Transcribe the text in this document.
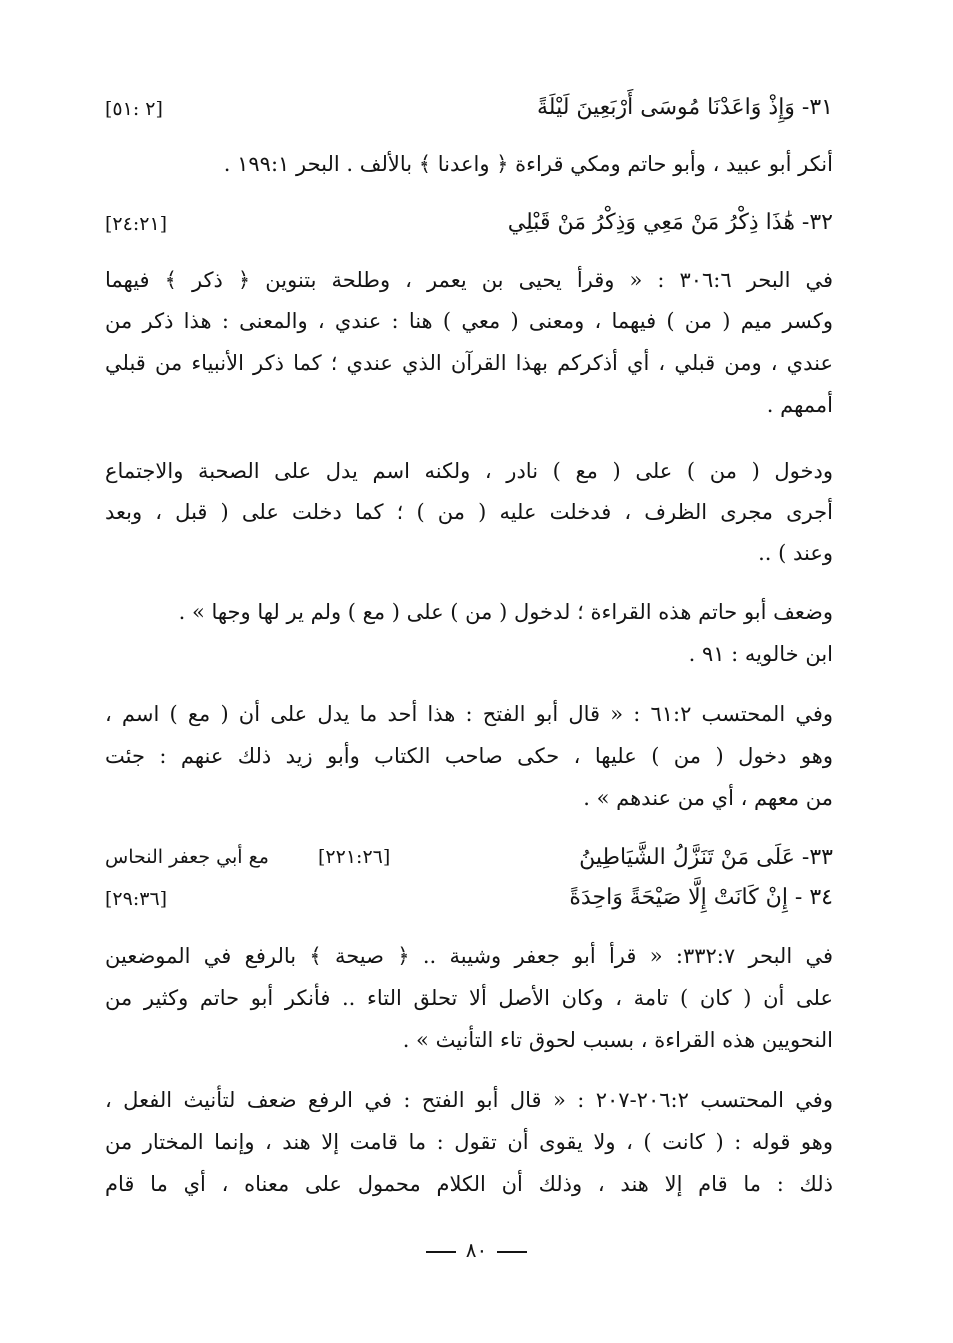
٣١- وَإِذْ وَاعَدْنَا مُوسَى أَرْبَعِينَ لَيْلَةً
[٢ :٥١]
أنكر أبو عبيد ، وأبو حاتم ومكي قراءة ﴿ واعدنا ﴾ بالألف . البحر ١٩٩:١ .
٣٢- هَٰذَا ذِكْرُ مَنْ مَعِي وَذِكْرُ مَنْ قَبْلِي
[٢٤:٢١]
في البحر ٣٠٦:٦ : « وقرأ يحيى بن يعمر ، وطلحة بتنوين ﴿ ذكر ﴾ فيهما
وكسر ميم ( من ) فيهما ، ومعنى ( معي ) هنا : عندي ، والمعنى : هذا ذكر من
عندي ، ومن قبلي ، أي أذكركم بهذا القرآن الذي عندي ؛ كما ذكر الأنبياء من قبلي
أممهم .
ودخول ( من ) على ( مع ) نادر ، ولكنه اسم يدل على الصحبة والاجتماع
أجرى مجرى الظرف ، فدخلت عليه ( من ) ؛ كما دخلت على ( قبل ، وبعد
وعند ) ..
وضعف أبو حاتم هذه القراءة ؛ لدخول ( من ) على ( مع ) ولم ير لها وجها » .
ابن خالويه : ٩١ .
وفي المحتسب ٦١:٢ : « قال أبو الفتح : هذا أحد ما يدل على أن ( مع ) اسم ،
وهو دخول ( من ) عليها ، حكى صاحب الكتاب وأبو زيد ذلك عنهم : جئت
من معهم ، أي من عندهم » .
٣٣- عَلَى مَنْ تَنَزَّلُ الشَّيَاطِينُ
[٢٢١:٢٦]
مع أبي جعفر النحاس
٣٤ - إِنْ كَانَتْ إِلَّا صَيْحَةً وَاحِدَةً
[٢٩:٣٦]
في البحر ٣٣٢:٧: « قرأ أبو جعفر وشيبة .. ﴿ صيحة ﴾ بالرفع في الموضعين
على أن ( كان ) تامة ، وكان الأصل ألا تحلق التاء .. فأنكر أبو حاتم وكثير من
النحويين هذه القراءة ، بسبب لحوق تاء التأنيث » .
وفي المحتسب ٢٠٦:٢-٢٠٧ : « قال أبو الفتح : في الرفع ضعف لتأنيث الفعل ،
وهو قوله : ( كانت ) ، ولا يقوى أن تقول : ما قامت إلا هند ، وإنما المختار من
ذلك : ما قام إلا هند ، وذلك أن الكلام محمول على معناه ، أي ما قام
٨٠
